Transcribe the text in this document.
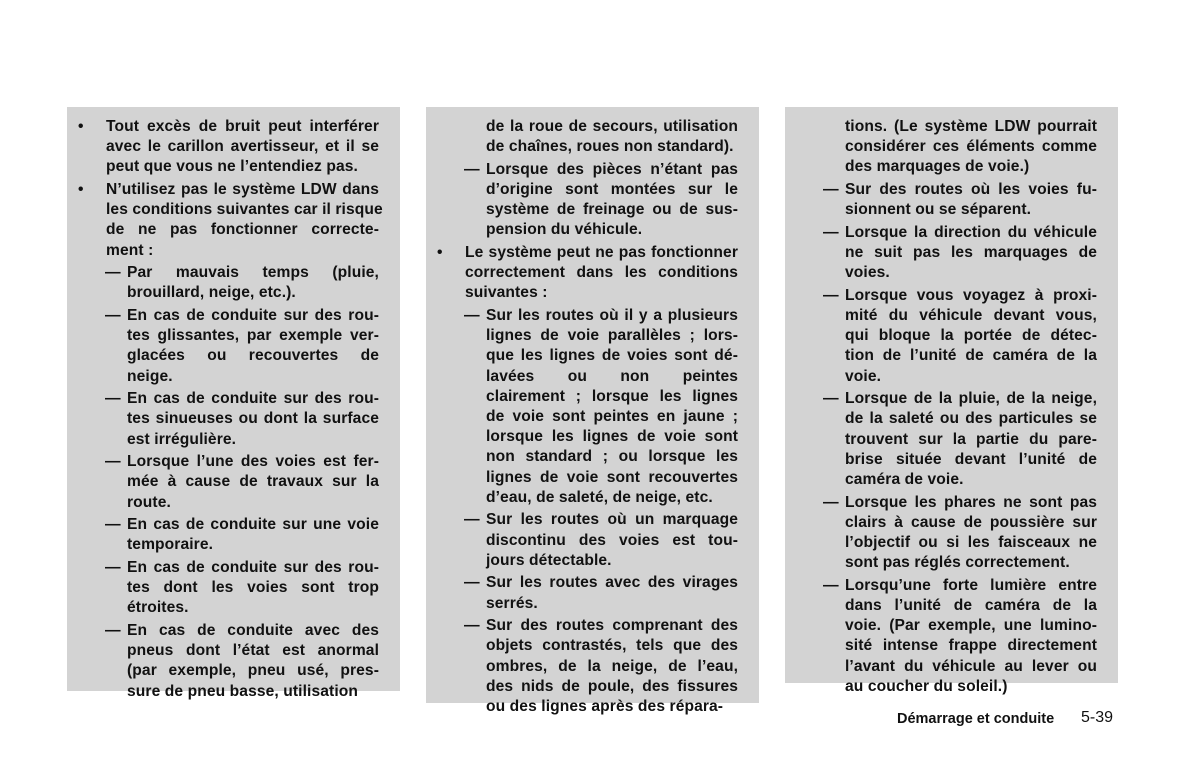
• Tout excès de bruit peut interférer
avec le carillon avertisseur, et il se
peut que vous ne l’entendiez pas.
• N’utilisez pas le système LDW dans
les conditions suivantes car il risque
de ne pas fonctionner correcte-
ment :
— Par mauvais temps (pluie,
brouillard, neige, etc.).
— En cas de conduite sur des rou-
tes glissantes, par exemple ver-
glacées ou recouvertes de
neige.
— En cas de conduite sur des rou-
tes sinueuses ou dont la surface
est irrégulière.
— Lorsque l’une des voies est fer-
mée à cause de travaux sur la
route.
— En cas de conduite sur une voie
temporaire.
— En cas de conduite sur des rou-
tes dont les voies sont trop
étroites.
— En cas de conduite avec des
pneus dont l’état est anormal
(par exemple, pneu usé, pres-
sure de pneu basse, utilisation
de la roue de secours, utilisation
de chaînes, roues non standard).
— Lorsque des pièces n’étant pas
d’origine sont montées sur le
système de freinage ou de sus-
pension du véhicule.
• Le système peut ne pas fonctionner
correctement dans les conditions
suivantes :
— Sur les routes où il y a plusieurs
lignes de voie parallèles ; lors-
que les lignes de voies sont dé-
lavées ou non peintes
clairement ; lorsque les lignes
de voie sont peintes en jaune ;
lorsque les lignes de voie sont
non standard ; ou lorsque les
lignes de voie sont recouvertes
d’eau, de saleté, de neige, etc.
— Sur les routes où un marquage
discontinu des voies est tou-
jours détectable.
— Sur les routes avec des virages
serrés.
— Sur des routes comprenant des
objets contrastés, tels que des
ombres, de la neige, de l’eau,
des nids de poule, des fissures
ou des lignes après des répara-
tions. (Le système LDW pourrait
considérer ces éléments comme
des marquages de voie.)
— Sur des routes où les voies fu-
sionnent ou se séparent.
— Lorsque la direction du véhicule
ne suit pas les marquages de
voies.
— Lorsque vous voyagez à proxi-
mité du véhicule devant vous,
qui bloque la portée de détec-
tion de l’unité de caméra de la
voie.
— Lorsque de la pluie, de la neige,
de la saleté ou des particules se
trouvent sur la partie du pare-
brise située devant l’unité de
caméra de voie.
— Lorsque les phares ne sont pas
clairs à cause de poussière sur
l’objectif ou si les faisceaux ne
sont pas réglés correctement.
— Lorsqu’une forte lumière entre
dans l’unité de caméra de la
voie. (Par exemple, une lumino-
sité intense frappe directement
l’avant du véhicule au lever ou
au coucher du soleil.)
Démarrage et conduite 5-39
